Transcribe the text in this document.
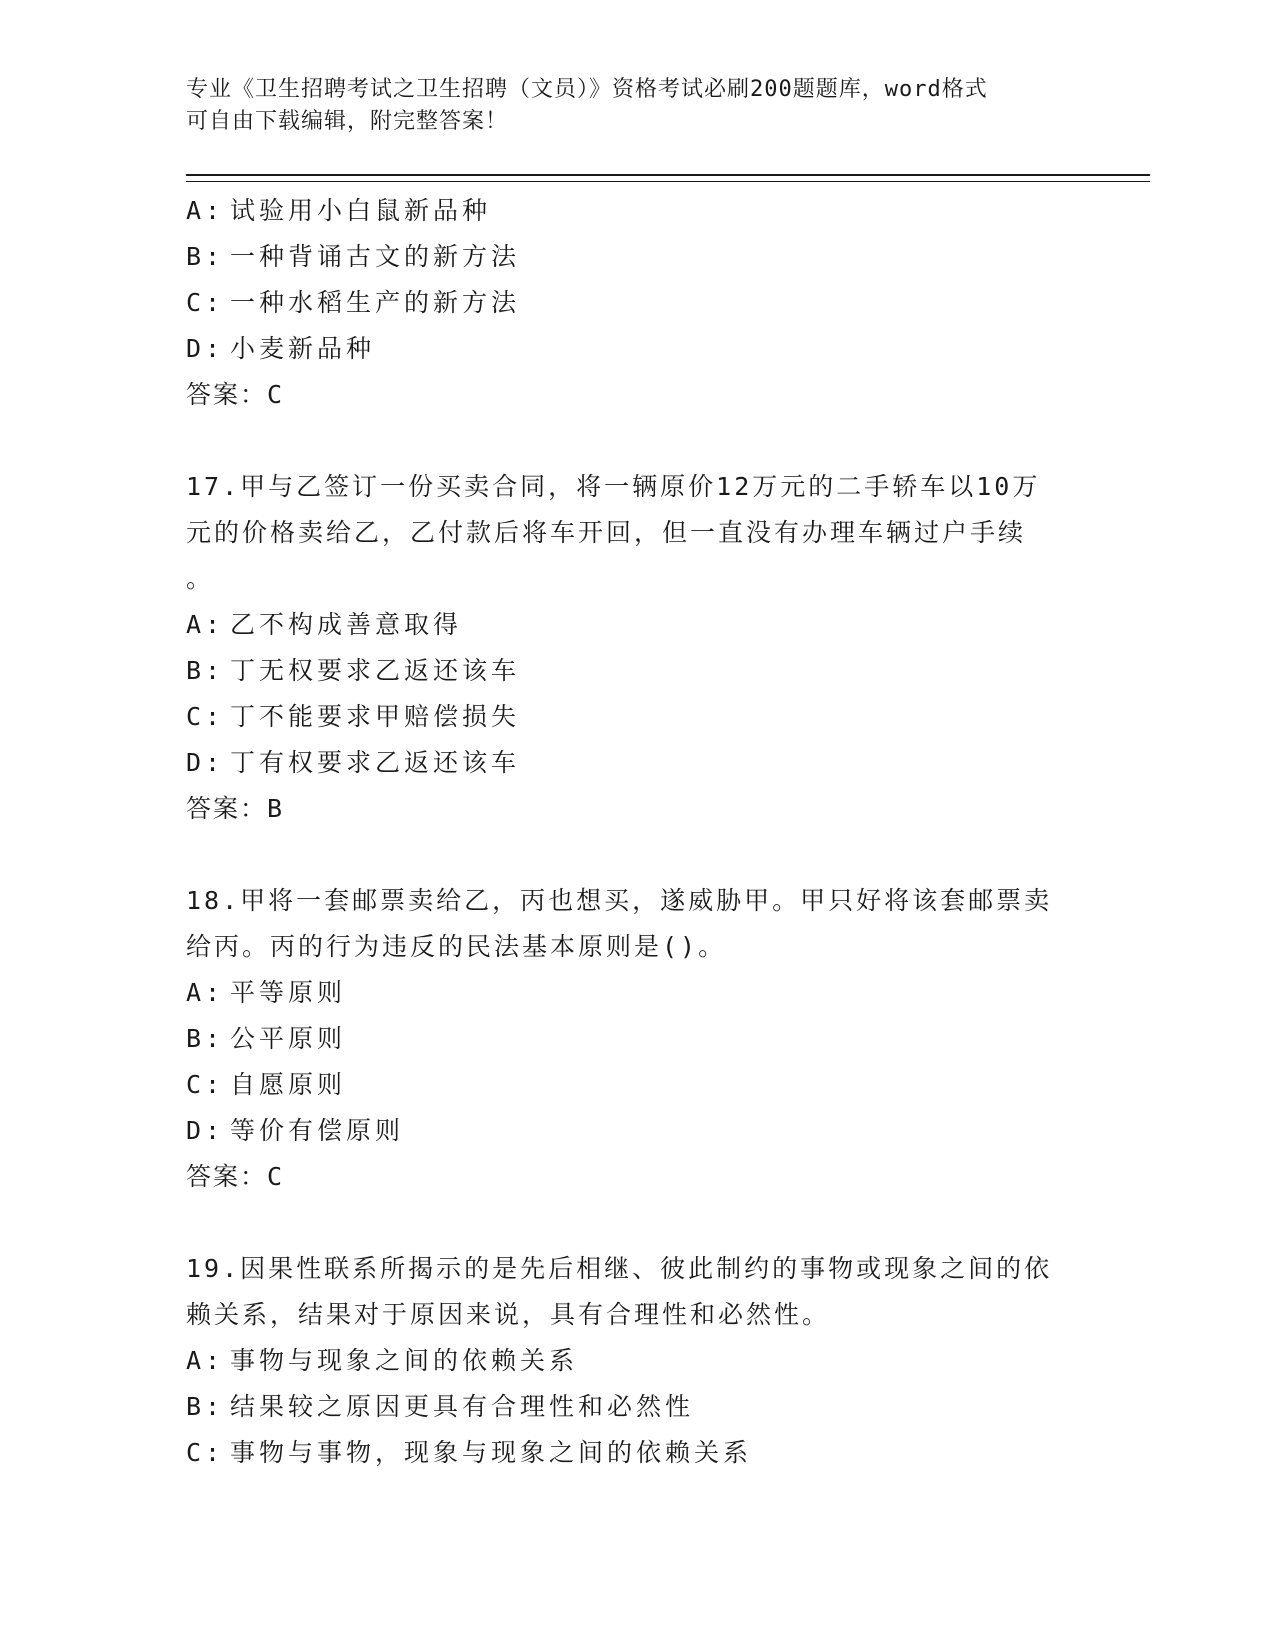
专业《卫生招聘考试之卫生招聘（文员）》资格考试必刷200题题库，word格式
可自由下载编辑，附完整答案！
A: 试验用小白鼠新品种
B: 一种背诵古文的新方法
C: 一种水稻生产的新方法
D: 小麦新品种
答案：C
17.甲与乙签订一份买卖合同，将一辆原价12万元的二手轿车以10万
元的价格卖给乙，乙付款后将车开回，但一直没有办理车辆过户手续
。
A: 乙不构成善意取得
B: 丁无权要求乙返还该车
C: 丁不能要求甲赔偿损失
D: 丁有权要求乙返还该车
答案：B
18.甲将一套邮票卖给乙，丙也想买，遂威胁甲。甲只好将该套邮票卖
给丙。丙的行为违反的民法基本原则是()。
A: 平等原则
B: 公平原则
C: 自愿原则
D: 等价有偿原则
答案：C
19.因果性联系所揭示的是先后相继、彼此制约的事物或现象之间的依
赖关系，结果对于原因来说，具有合理性和必然性。
A: 事物与现象之间的依赖关系
B: 结果较之原因更具有合理性和必然性
C: 事物与事物，现象与现象之间的依赖关系
